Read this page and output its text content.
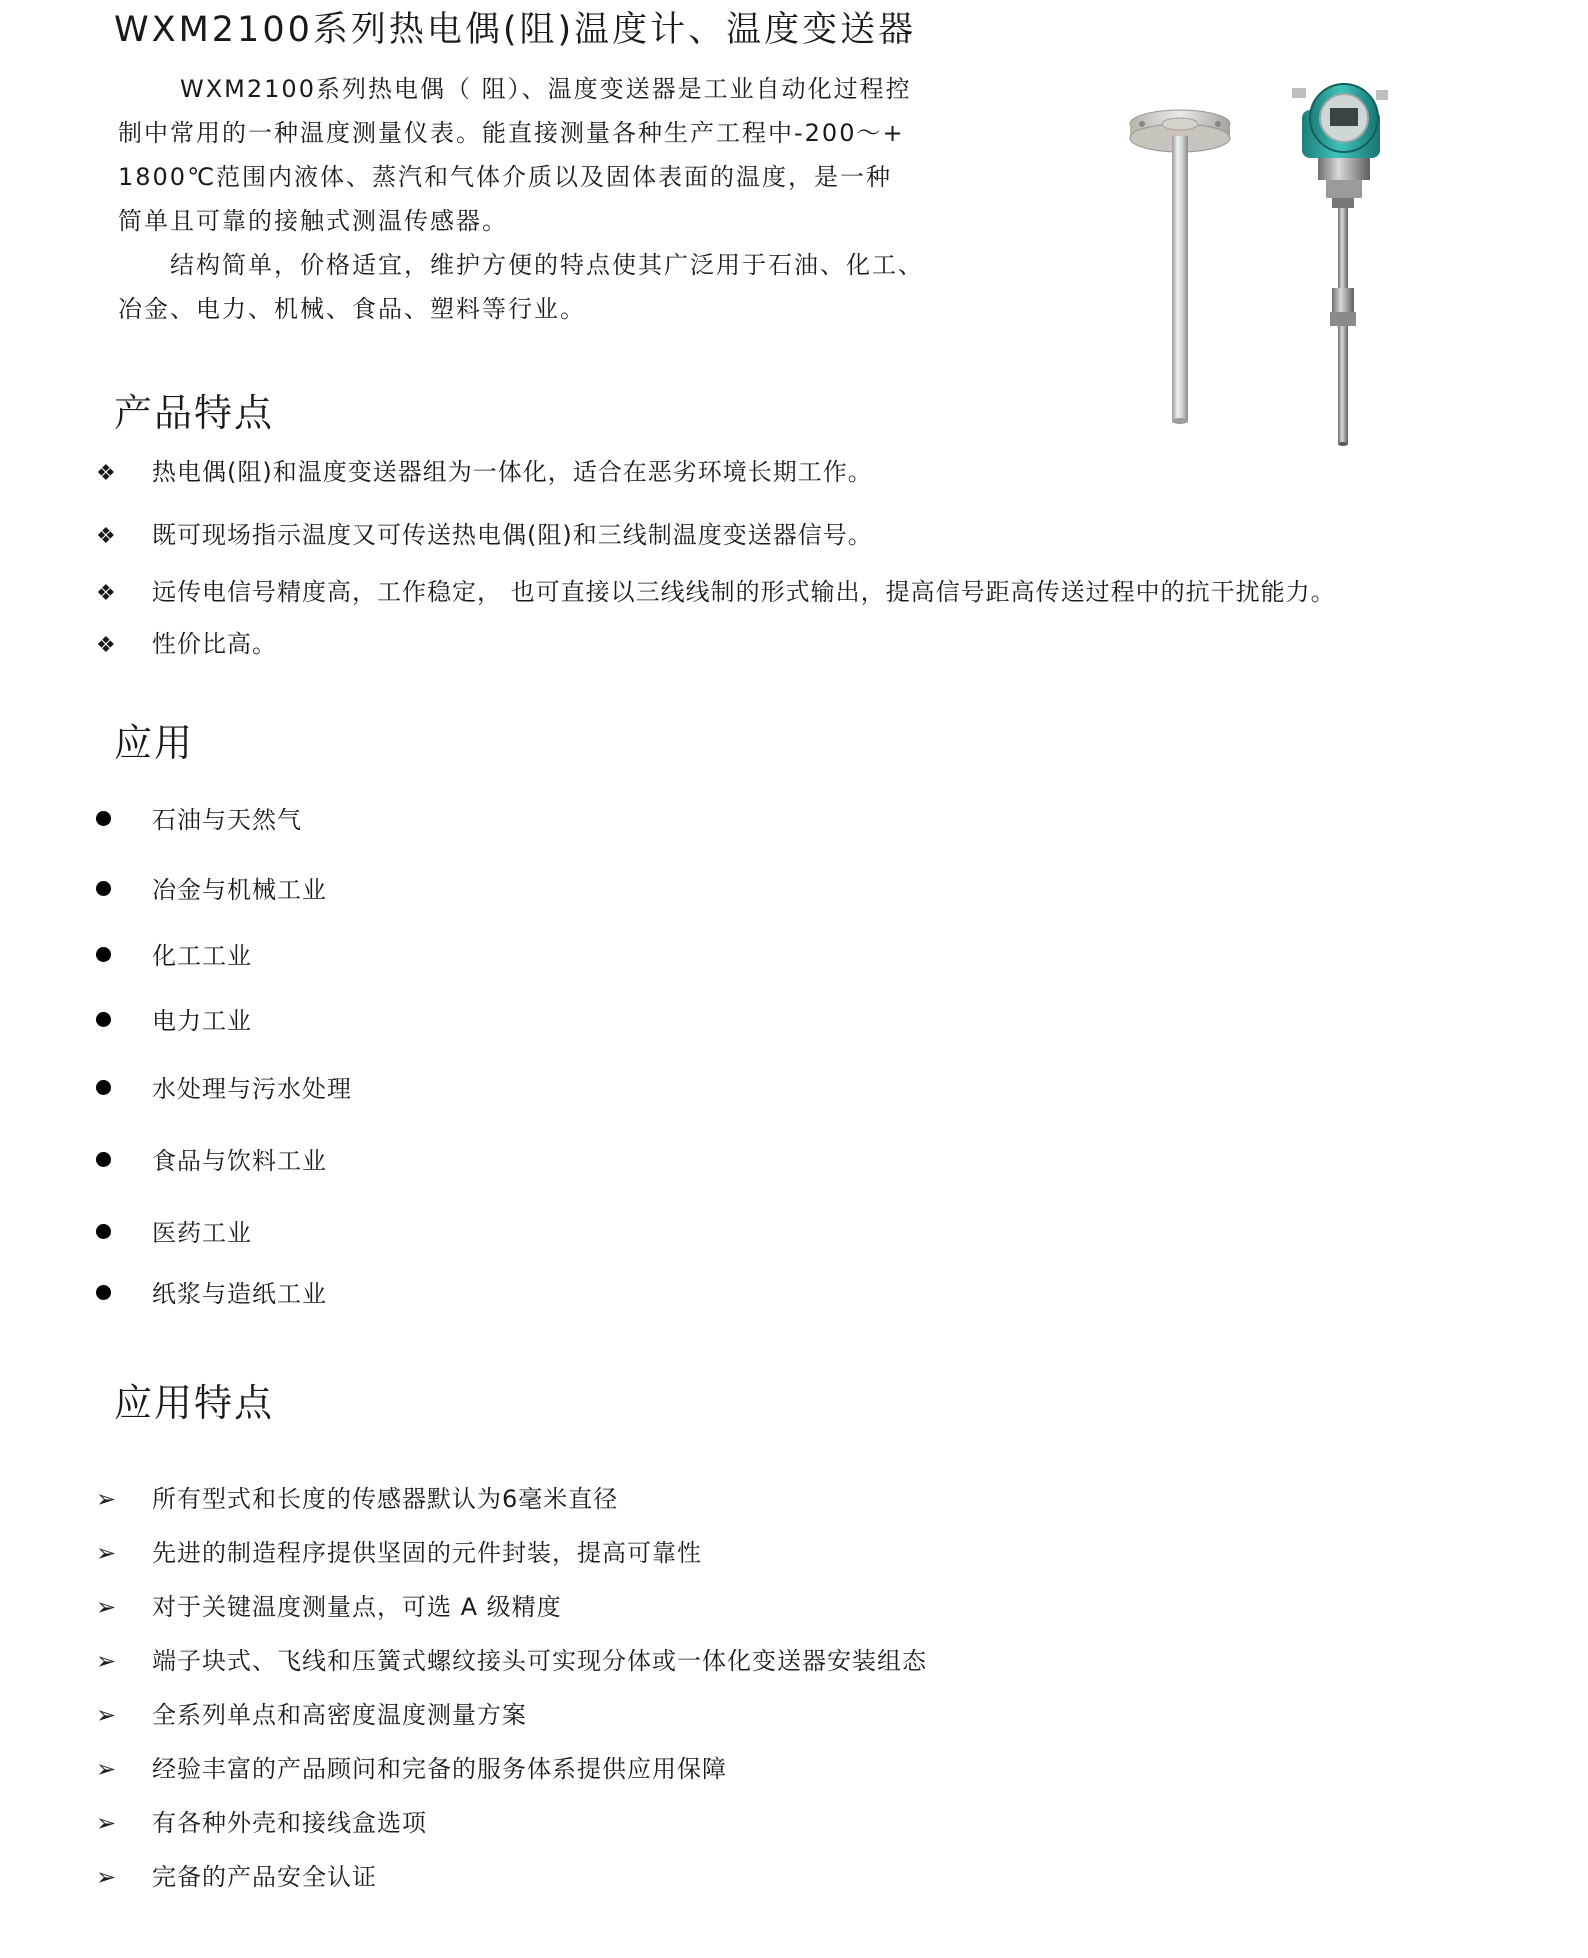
WXM2100系列热电偶(阻)温度计、温度变送器
WXM2100系列热电偶（ 阻）、温度变送器是工业自动化过程控
制中常用的一种温度测量仪表。能直接测量各种生产工程中-200～+
1800℃范围内液体、蒸汽和气体介质以及固体表面的温度，是一种
简单且可靠的接触式测温传感器。
结构简单，价格适宜，维护方便的特点使其广泛用于石油、化工、
冶金、电力、机械、食品、塑料等行业。
产品特点
❖ 热电偶(阻)和温度变送器组为一体化，适合在恶劣环境长期工作。
❖ 既可现场指示温度又可传送热电偶(阻)和三线制温度变送器信号。
❖ 远传电信号精度高，工作稳定， 也可直接以三线线制的形式输出，提高信号距高传送过程中的抗干扰能力。
❖ 性价比高。
应用
石油与天然气
冶金与机械工业
化工工业
电力工业
水处理与污水处理
食品与饮料工业
医药工业
纸浆与造纸工业
应用特点
➢ 所有型式和长度的传感器默认为6毫米直径
➢ 先进的制造程序提供坚固的元件封装，提高可靠性
➢ 对于关键温度测量点，可选 A 级精度
➢ 端子块式、飞线和压簧式螺纹接头可实现分体或一体化变送器安装组态
➢ 全系列单点和高密度温度测量方案
➢ 经验丰富的产品顾问和完备的服务体系提供应用保障
➢ 有各种外壳和接线盒选项
➢ 完备的产品安全认证
